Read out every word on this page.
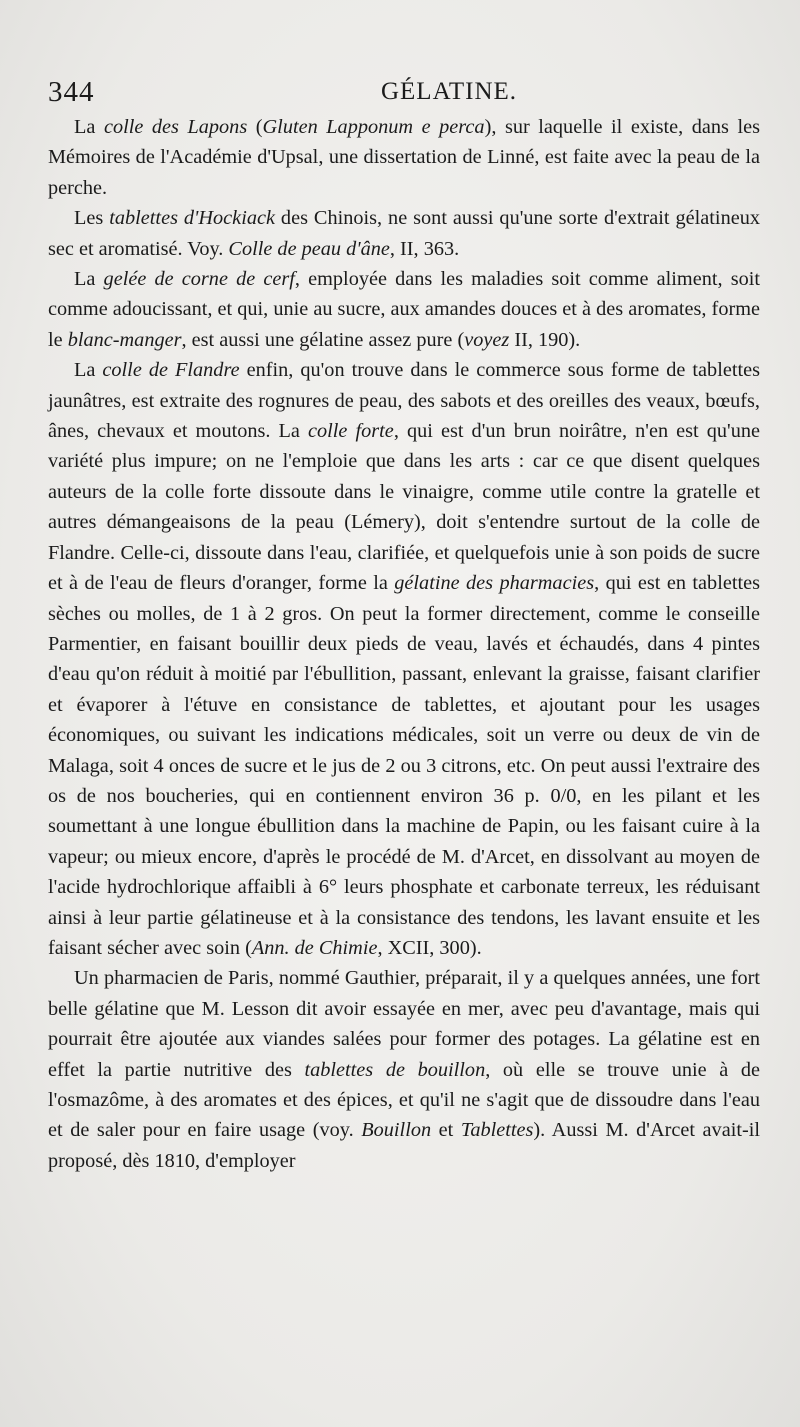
344	GÉLATINE.

La colle des Lapons (Gluten Lapponum e perca), sur laquelle il existe, dans les Mémoires de l'Académie d'Upsal, une dissertation de Linné, est faite avec la peau de la perche.

Les tablettes d'Hockiack des Chinois, ne sont aussi qu'une sorte d'extrait gélatineux sec et aromatisé. Voy. Colle de peau d'âne, II, 363.

La gelée de corne de cerf, employée dans les maladies soit comme aliment, soit comme adoucissant, et qui, unie au sucre, aux amandes douces et à des aromates, forme le blanc-manger, est aussi une gélatine assez pure (voyez II, 190).

La colle de Flandre enfin, qu'on trouve dans le commerce sous forme de tablettes jaunâtres, est extraite des rognures de peau, des sabots et des oreilles des veaux, bœufs, ânes, chevaux et moutons. La colle forte, qui est d'un brun noirâtre, n'en est qu'une variété plus impure; on ne l'emploie que dans les arts : car ce que disent quelques auteurs de la colle forte dissoute dans le vinaigre, comme utile contre la gratelle et autres démangeaisons de la peau (Lémery), doit s'entendre surtout de la colle de Flandre. Celle-ci, dissoute dans l'eau, clarifiée, et quelquefois unie à son poids de sucre et à de l'eau de fleurs d'oranger, forme la gélatine des pharmacies, qui est en tablettes sèches ou molles, de 1 à 2 gros. On peut la former directement, comme le conseille Parmentier, en faisant bouillir deux pieds de veau, lavés et échaudés, dans 4 pintes d'eau qu'on réduit à moitié par l'ébullition, passant, enlevant la graisse, faisant clarifier et évaporer à l'étuve en consistance de tablettes, et ajoutant pour les usages économiques, ou suivant les indications médicales, soit un verre ou deux de vin de Malaga, soit 4 onces de sucre et le jus de 2 ou 3 citrons, etc. On peut aussi l'extraire des os de nos boucheries, qui en contiennent environ 36 p. 0/0, en les pilant et les soumettant à une longue ébullition dans la machine de Papin, ou les faisant cuire à la vapeur; ou mieux encore, d'après le procédé de M. d'Arcet, en dissolvant au moyen de l'acide hydrochlorique affaibli à 6° leurs phosphate et carbonate terreux, les réduisant ainsi à leur partie gélatineuse et à la consistance des tendons, les lavant ensuite et les faisant sécher avec soin (Ann. de Chimie, XCII, 300).

Un pharmacien de Paris, nommé Gauthier, préparait, il y a quelques années, une fort belle gélatine que M. Lesson dit avoir essayée en mer, avec peu d'avantage, mais qui pourrait être ajoutée aux viandes salées pour former des potages. La gélatine est en effet la partie nutritive des tablettes de bouillon, où elle se trouve unie à de l'osmazôme, à des aromates et des épices, et qu'il ne s'agit que de dissoudre dans l'eau et de saler pour en faire usage (voy. Bouillon et Tablettes). Aussi M. d'Arcet avait-il proposé, dès 1810, d'employer
